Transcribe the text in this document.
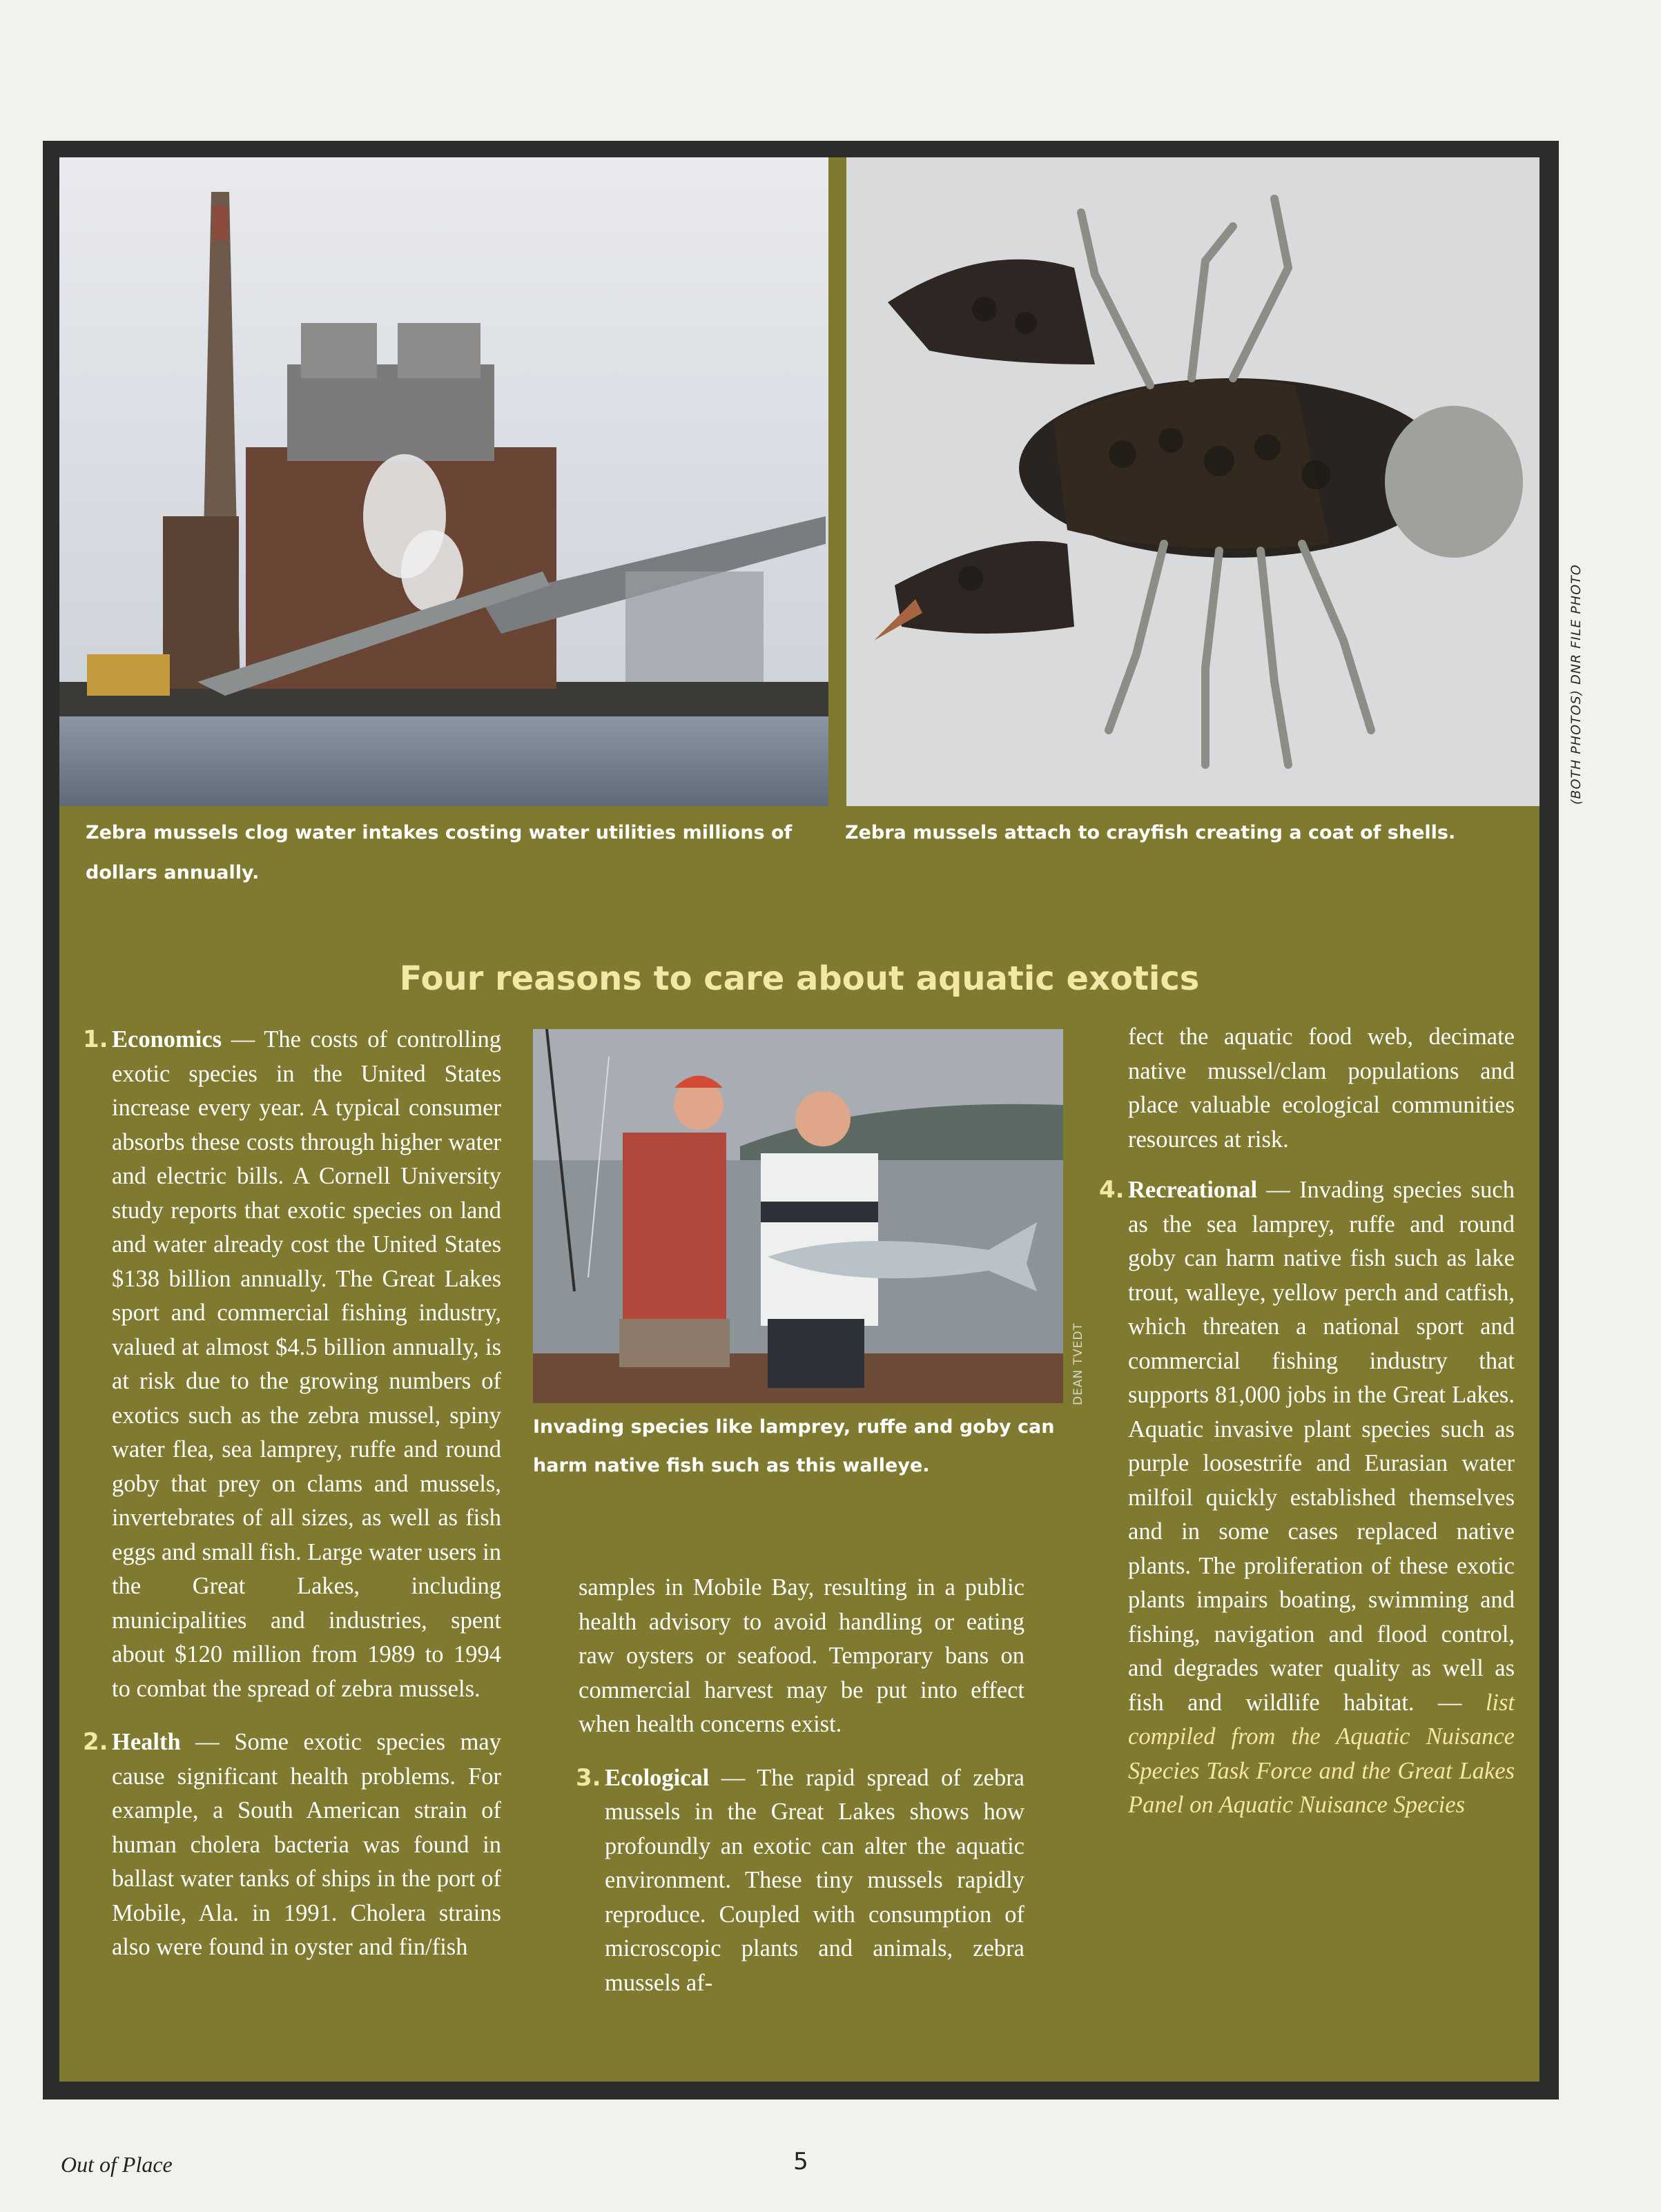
(BOTH PHOTOS) DNR FILE PHOTO
Zebra mussels clog water intakes costing water utilities millions of dollars annually.
Zebra mussels attach to crayfish creating a coat of shells.
Four reasons to care about aquatic exotics
Invading species like lamprey, ruffe and goby can harm native fish such as this walleye.
DEAN TVEDT

1. Economics — The costs of controlling exotic species in the United States increase every year. A typical consumer absorbs these costs through higher water and electric bills. A Cornell University study reports that exotic species on land and water already cost the United States $138 billion annually. The Great Lakes sport and commercial fishing industry, valued at almost $4.5 billion annually, is at risk due to the growing numbers of exotics such as the zebra mussel, spiny water flea, sea lamprey, ruffe and round goby that prey on clams and mussels, invertebrates of all sizes, as well as fish eggs and small fish. Large water users in the Great Lakes, including municipalities and industries, spent about $120 million from 1989 to 1994 to combat the spread of zebra mussels.

2. Health — Some exotic species may cause significant health problems. For example, a South American strain of human cholera bacteria was found in ballast water tanks of ships in the port of Mobile, Ala. in 1991. Cholera strains also were found in oyster and fin/fish

samples in Mobile Bay, resulting in a public health advisory to avoid handling or eating raw oysters or seafood. Temporary bans on commercial harvest may be put into effect when health concerns exist.

3. Ecological — The rapid spread of zebra mussels in the Great Lakes shows how profoundly an exotic can alter the aquatic environment. These tiny mussels rapidly reproduce. Coupled with consumption of microscopic plants and animals, zebra mussels af-

fect the aquatic food web, decimate native mussel/clam populations and place valuable ecological communities resources at risk.

4. Recreational — Invading species such as the sea lamprey, ruffe and round goby can harm native fish such as lake trout, walleye, yellow perch and catfish, which threaten a national sport and commercial fishing industry that supports 81,000 jobs in the Great Lakes. Aquatic invasive plant species such as purple loosestrife and Eurasian water milfoil quickly established themselves and in some cases replaced native plants. The proliferation of these exotic plants impairs boating, swimming and fishing, navigation and flood control, and degrades water quality as well as fish and wildlife habitat. — list compiled from the Aquatic Nuisance Species Task Force and the Great Lakes Panel on Aquatic Nuisance Species

Out of Place	5
